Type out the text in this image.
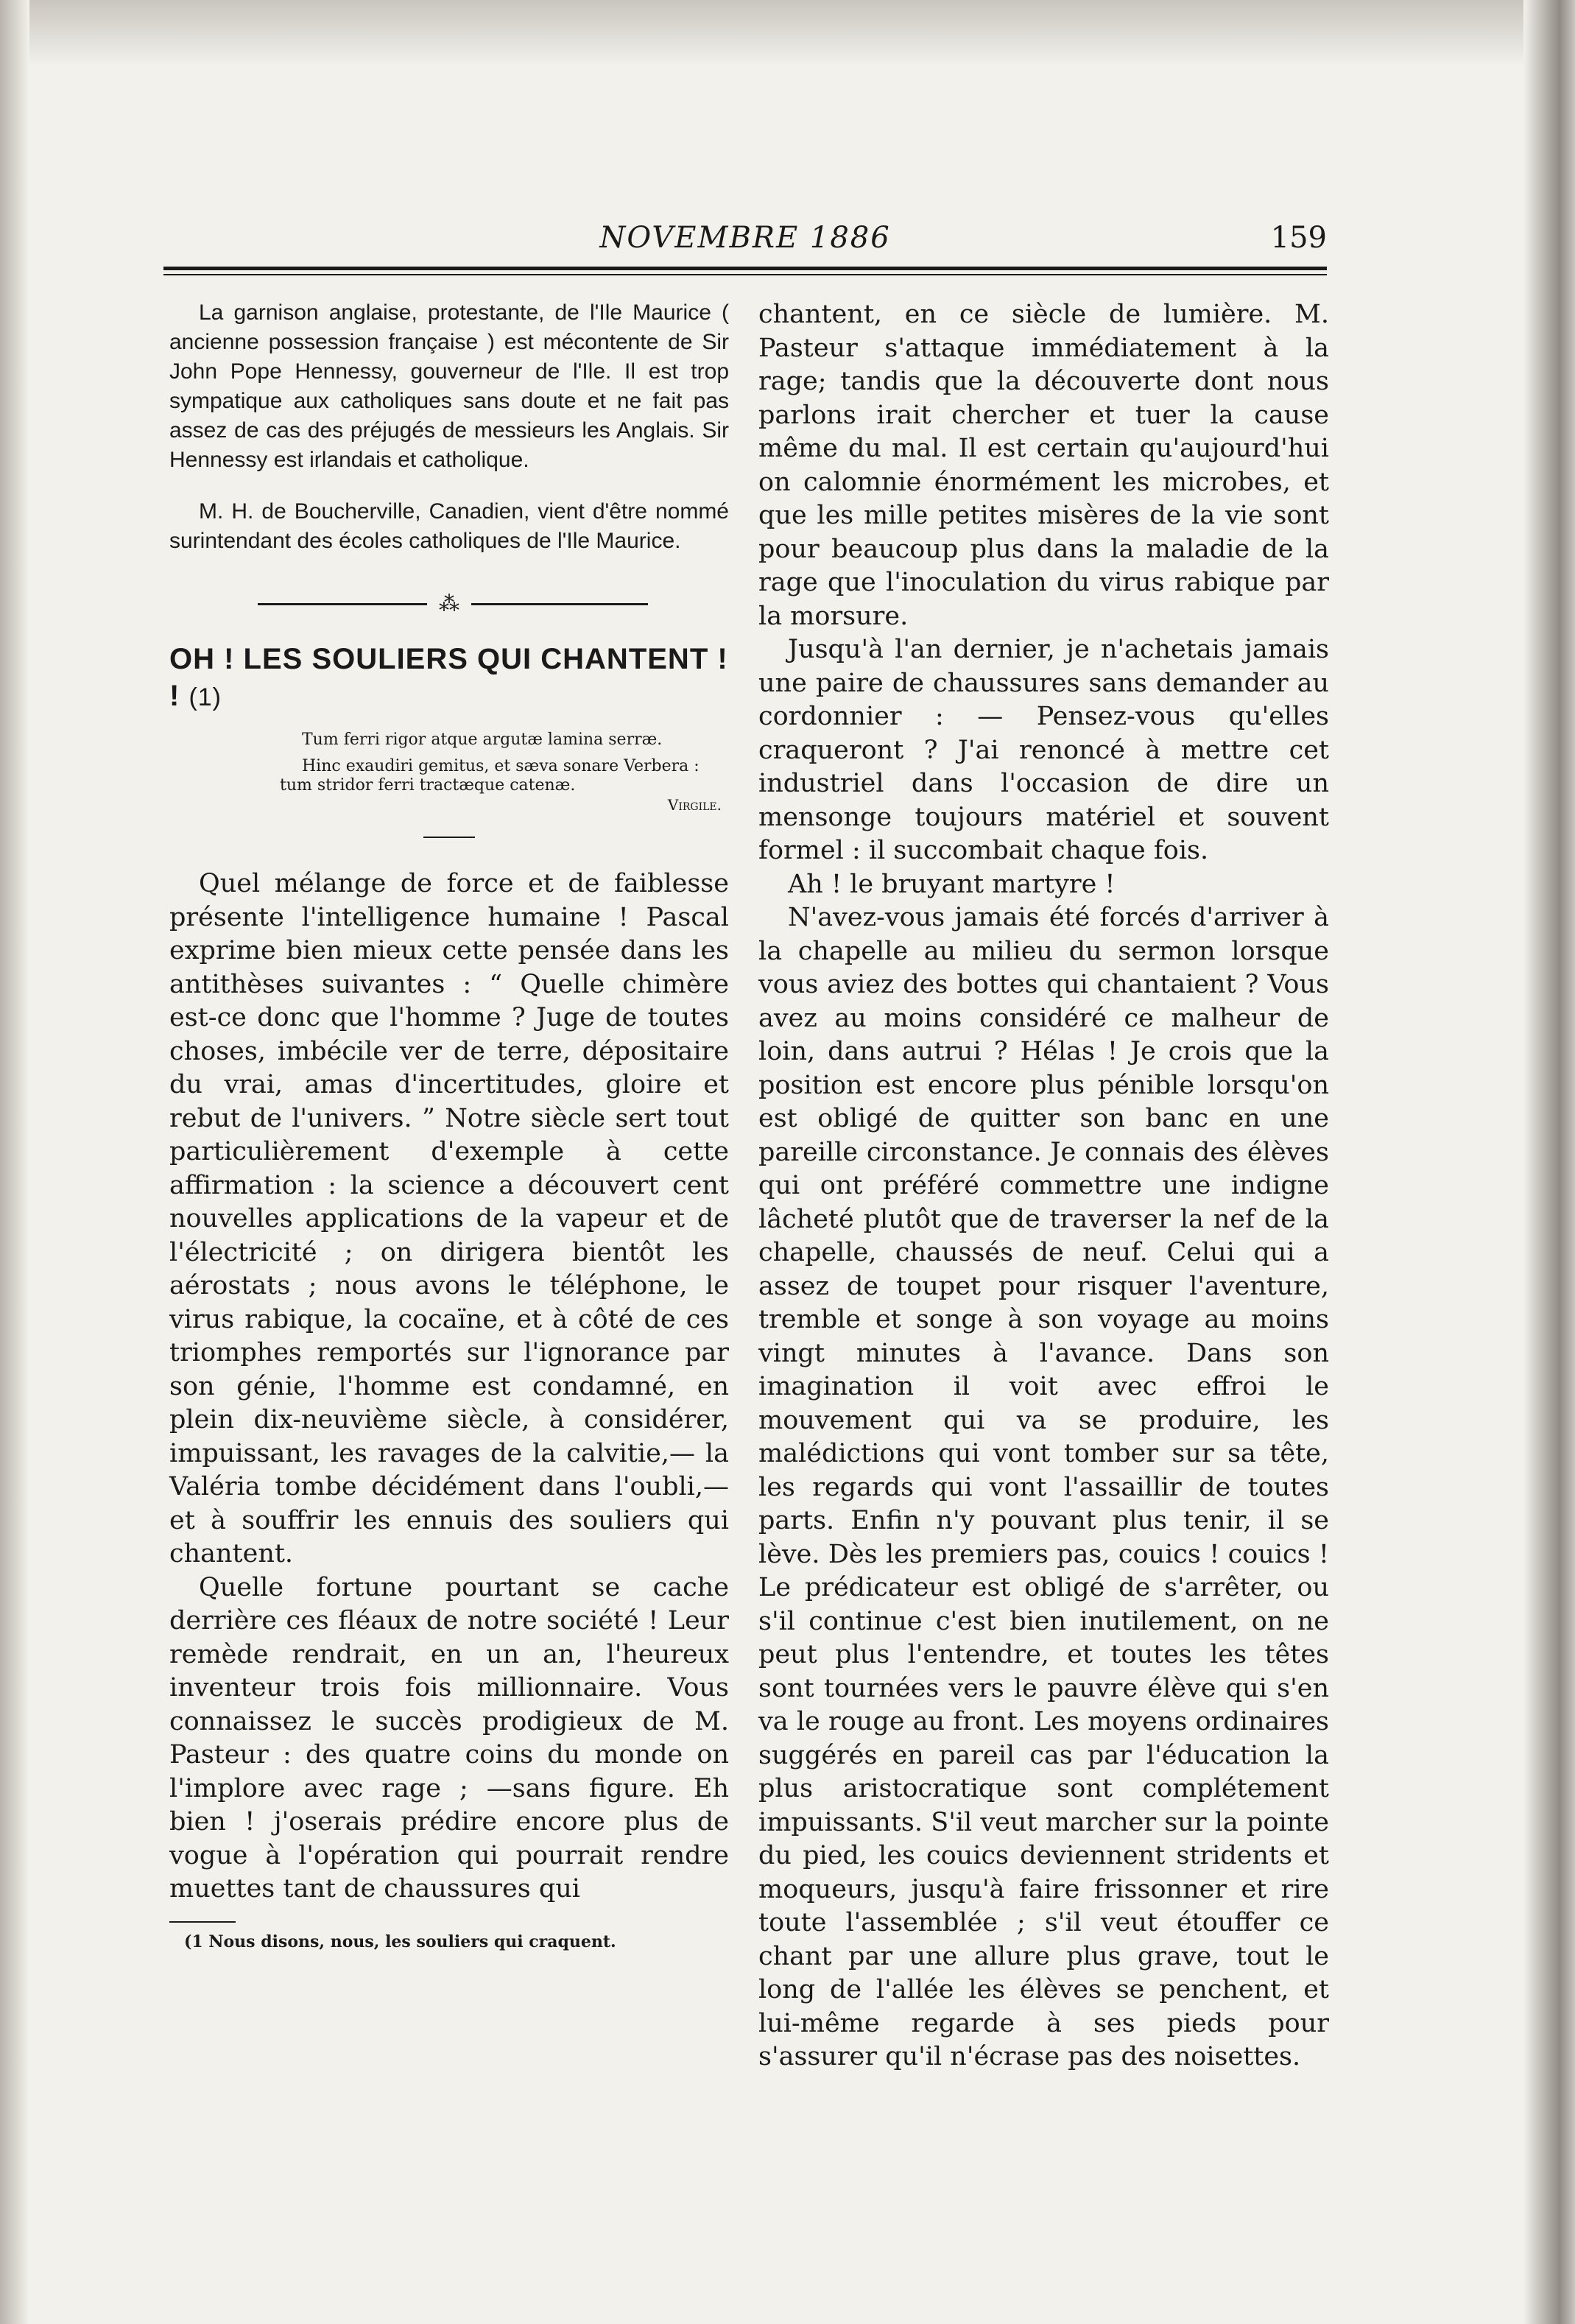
NOVEMBRE 1886	159

La garnison anglaise, protestante, de l'Ile Maurice ( ancienne possession française ) est mécontente de Sir John Pope Hennessy, gouverneur de l'Ile. Il est trop sympatique aux catholiques sans doute et ne fait pas assez de cas des préjugés de messieurs les Anglais. Sir Hennessy est irlandais et catholique.

M. H. de Boucherville, Canadien, vient d'être nommé surintendant des écoles catholiques de l'Ile Maurice.

⁂
OH ! LES SOULIERS QUI CHANTENT ! ! (1)

Tum ferri rigor atque argutæ lamina serræ.

Hinc exaudiri gemitus, et sæva sonare Verbera : tum stridor ferri tractæque catenæ.
Virgile.

Quel mélange de force et de faiblesse présente l'intelligence humaine ! Pascal exprime bien mieux cette pensée dans les antithèses suivantes : “ Quelle chimère est-ce donc que l'homme ? Juge de toutes choses, imbécile ver de terre, dépositaire du vrai, amas d'incertitudes, gloire et rebut de l'univers. ” Notre siècle sert tout particulièrement d'exemple à cette affirmation : la science a découvert cent nouvelles applications de la vapeur et de l'électricité ; on dirigera bientôt les aérostats ; nous avons le téléphone, le virus rabique, la cocaïne, et à côté de ces triomphes remportés sur l'ignorance par son génie, l'homme est condamné, en plein dix-neuvième siècle, à considérer, impuissant, les ravages de la calvitie,— la Valéria tombe décidément dans l'oubli,— et à souffrir les ennuis des souliers qui chantent.

Quelle fortune pourtant se cache derrière ces fléaux de notre société ! Leur remède rendrait, en un an, l'heureux inventeur trois fois millionnaire. Vous connaissez le succès prodigieux de M. Pasteur : des quatre coins du monde on l'implore avec rage ; —sans figure. Eh bien ! j'oserais prédire encore plus de vogue à l'opération qui pourrait rendre muettes tant de chaussures qui

(1 Nous disons, nous, les souliers qui craquent.

chantent, en ce siècle de lumière. M. Pasteur s'attaque immédiatement à la rage; tandis que la découverte dont nous parlons irait chercher et tuer la cause même du mal. Il est certain qu'aujourd'hui on calomnie énormément les microbes, et que les mille petites misères de la vie sont pour beaucoup plus dans la maladie de la rage que l'inoculation du virus rabique par la morsure.

Jusqu'à l'an dernier, je n'achetais jamais une paire de chaussures sans demander au cordonnier : — Pensez-vous qu'elles craqueront ? J'ai renoncé à mettre cet industriel dans l'occasion de dire un mensonge toujours matériel et souvent formel : il succombait chaque fois.

Ah ! le bruyant martyre !

N'avez-vous jamais été forcés d'arriver à la chapelle au milieu du sermon lorsque vous aviez des bottes qui chantaient ? Vous avez au moins considéré ce malheur de loin, dans autrui ? Hélas ! Je crois que la position est encore plus pénible lorsqu'on est obligé de quitter son banc en une pareille circonstance. Je connais des élèves qui ont préféré commettre une indigne lâcheté plutôt que de traverser la nef de la chapelle, chaussés de neuf. Celui qui a assez de toupet pour risquer l'aventure, tremble et songe à son voyage au moins vingt minutes à l'avance. Dans son imagination il voit avec effroi le mouvement qui va se produire, les malédictions qui vont tomber sur sa tête, les regards qui vont l'assaillir de toutes parts. Enfin n'y pouvant plus tenir, il se lève. Dès les premiers pas, couics ! couics ! Le prédicateur est obligé de s'arrêter, ou s'il continue c'est bien inutilement, on ne peut plus l'entendre, et toutes les têtes sont tournées vers le pauvre élève qui s'en va le rouge au front. Les moyens ordinaires suggérés en pareil cas par l'éducation la plus aristocratique sont complétement impuissants. S'il veut marcher sur la pointe du pied, les couics deviennent stridents et moqueurs, jusqu'à faire frissonner et rire toute l'assemblée ; s'il veut étouffer ce chant par une allure plus grave, tout le long de l'allée les élèves se penchent, et lui-même regarde à ses pieds pour s'assurer qu'il n'écrase pas des noisettes.
